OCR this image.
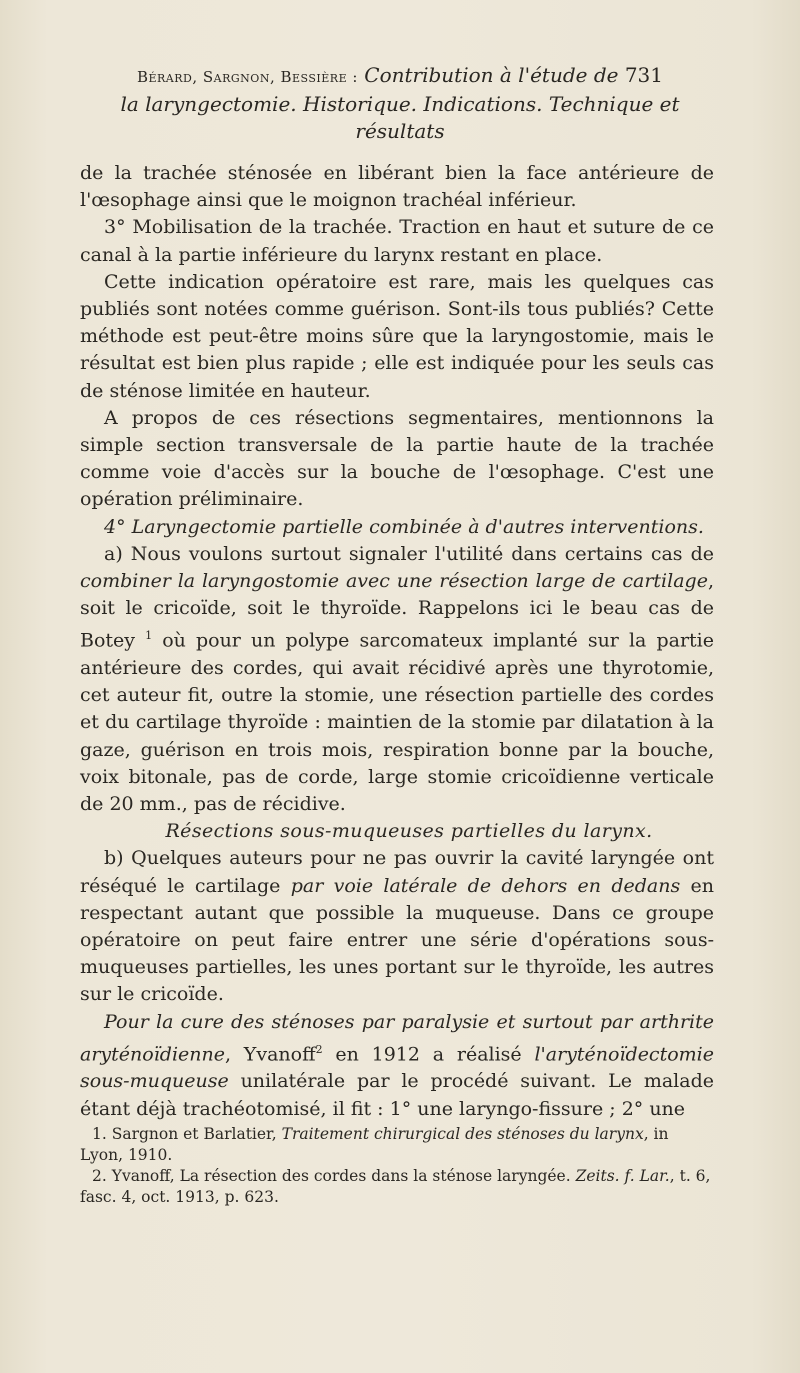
Bérard, Sargnon, Bessière : Contribution à l'étude de 731
la laryngectomie. Historique. Indications. Technique et
résultats

de la trachée sténosée en libérant bien la face antérieure de l'œsophage ainsi que le moignon trachéal inférieur.

3° Mobilisation de la trachée. Traction en haut et suture de ce canal à la partie inférieure du larynx restant en place.

Cette indication opératoire est rare, mais les quelques cas publiés sont notées comme guérison. Sont-ils tous publiés? Cette méthode est peut-être moins sûre que la laryngostomie, mais le résultat est bien plus rapide ; elle est indiquée pour les seuls cas de sténose limitée en hauteur.

A propos de ces résections segmentaires, mentionnons la simple section transversale de la partie haute de la trachée comme voie d'accès sur la bouche de l'œsophage. C'est une opération préliminaire.

4° Laryngectomie partielle combinée à d'autres interventions.

a) Nous voulons surtout signaler l'utilité dans certains cas de combiner la laryngostomie avec une résection large de cartilage, soit le cricoïde, soit le thyroïde. Rappelons ici le beau cas de Botey $^1$ où pour un polype sarcomateux implanté sur la partie antérieure des cordes, qui avait récidivé après une thyrotomie, cet auteur fit, outre la stomie, une résection partielle des cordes et du cartilage thyroïde : maintien de la stomie par dilatation à la gaze, guérison en trois mois, respiration bonne par la bouche, voix bitonale, pas de corde, large stomie cricoïdienne verticale de 20 mm., pas de récidive.

Résections sous-muqueuses partielles du larynx.

b) Quelques auteurs pour ne pas ouvrir la cavité laryngée ont réséqué le cartilage par voie latérale de dehors en dedans en respectant autant que possible la muqueuse. Dans ce groupe opératoire on peut faire entrer une série d'opérations sous-muqueuses partielles, les unes portant sur le thyroïde, les autres sur le cricoïde.

Pour la cure des sténoses par paralysie et surtout par arthrite aryténoïdienne, Yvanoff$^2$ en 1912 a réalisé l'aryténoïdectomie sous-muqueuse unilatérale par le procédé suivant. Le malade étant déjà trachéotomisé, il fit : 1° une laryngo-fissure ; 2° une

1. Sargnon et Barlatier, Traitement chirurgical des sténoses du larynx, in Lyon, 1910.

2. Yvanoff, La résection des cordes dans la sténose laryngée. Zeits. f. Lar., t. 6, fasc. 4, oct. 1913, p. 623.
